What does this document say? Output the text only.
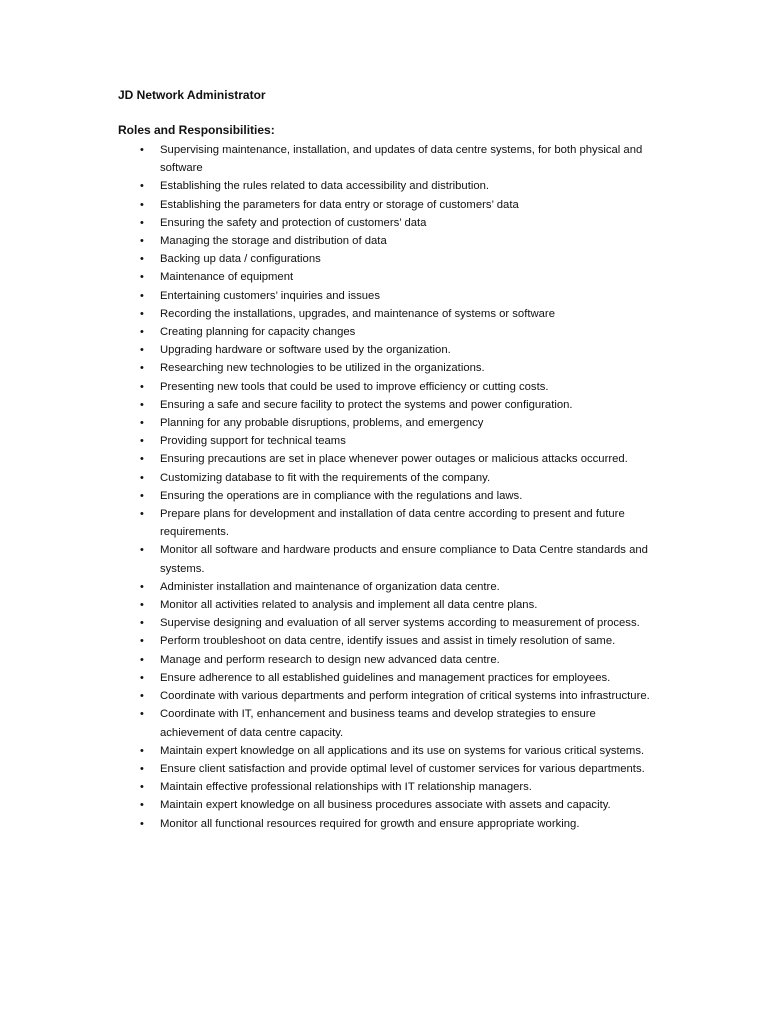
JD Network Administrator

Roles and Responsibilities:

• Supervising maintenance, installation, and updates of data centre systems, for both physical and software
• Establishing the rules related to data accessibility and distribution.
• Establishing the parameters for data entry or storage of customers’ data
• Ensuring the safety and protection of customers’ data
• Managing the storage and distribution of data
• Backing up data / configurations
• Maintenance of equipment
• Entertaining customers’ inquiries and issues
• Recording the installations, upgrades, and maintenance of systems or software
• Creating planning for capacity changes
• Upgrading hardware or software used by the organization.
• Researching new technologies to be utilized in the organizations.
• Presenting new tools that could be used to improve efficiency or cutting costs.
• Ensuring a safe and secure facility to protect the systems and power configuration.
• Planning for any probable disruptions, problems, and emergency
• Providing support for technical teams
• Ensuring precautions are set in place whenever power outages or malicious attacks occurred.
• Customizing database to fit with the requirements of the company.
• Ensuring the operations are in compliance with the regulations and laws.
• Prepare plans for development and installation of data centre according to present and future requirements.
• Monitor all software and hardware products and ensure compliance to Data Centre standards and systems.
• Administer installation and maintenance of organization data centre.
• Monitor all activities related to analysis and implement all data centre plans.
• Supervise designing and evaluation of all server systems according to measurement of process.
• Perform troubleshoot on data centre, identify issues and assist in timely resolution of same.
• Manage and perform research to design new advanced data centre.
• Ensure adherence to all established guidelines and management practices for employees.
• Coordinate with various departments and perform integration of critical systems into infrastructure.
• Coordinate with IT, enhancement and business teams and develop strategies to ensure achievement of data centre capacity.
• Maintain expert knowledge on all applications and its use on systems for various critical systems.
• Ensure client satisfaction and provide optimal level of customer services for various departments.
• Maintain effective professional relationships with IT relationship managers.
• Maintain expert knowledge on all business procedures associate with assets and capacity.
• Monitor all functional resources required for growth and ensure appropriate working.
